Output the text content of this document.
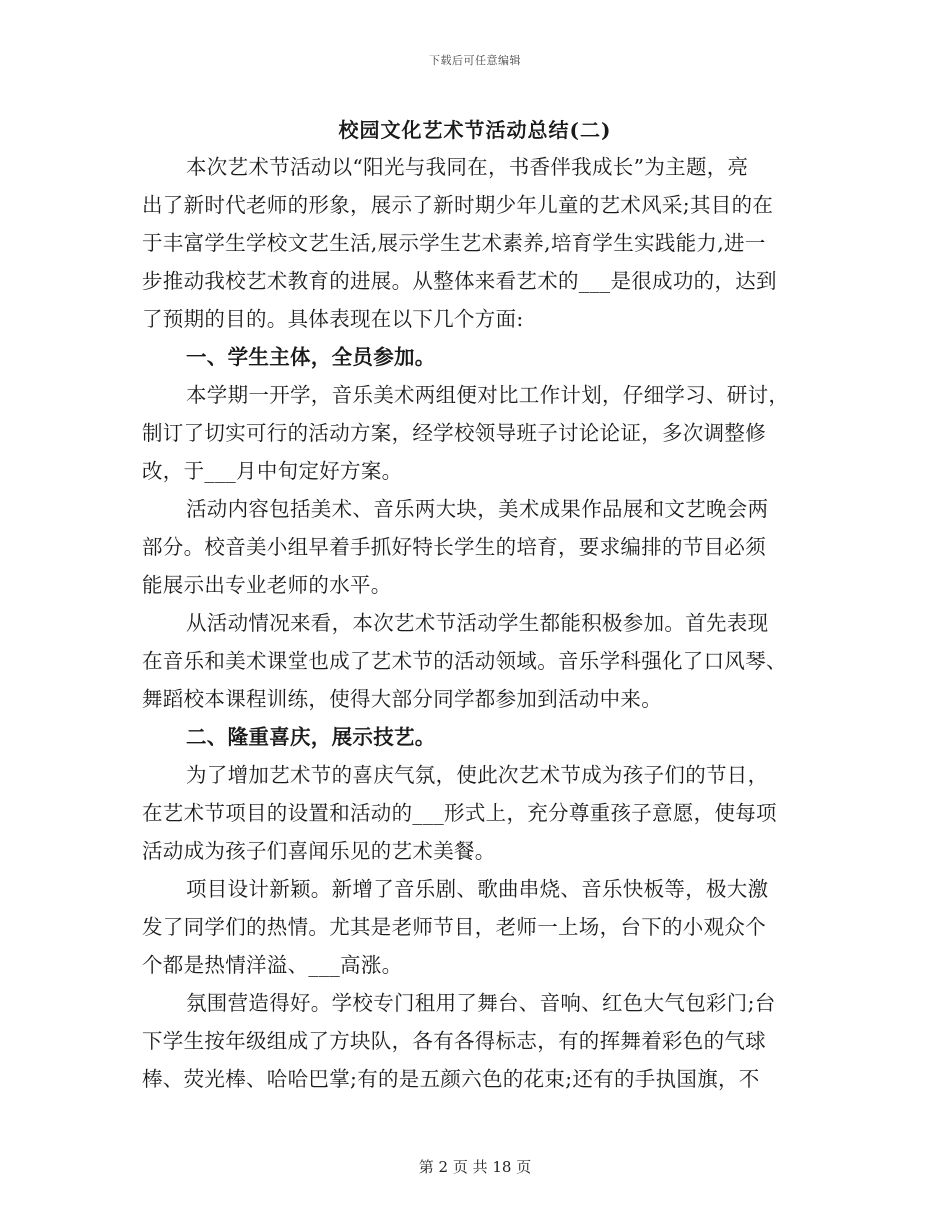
下载后可任意编辑
校园文化艺术节活动总结(二)
本次艺术节活动以“阳光与我同在，书香伴我成长”为主题，亮
出了新时代老师的形象，展示了新时期少年儿童的艺术风采;其目的在
于丰富学生学校文艺生活,展示学生艺术素养,培育学生实践能力,进一
步推动我校艺术教育的进展。从整体来看艺术的___是很成功的，达到
了预期的目的。具体表现在以下几个方面:
一、学生主体，全员参加。
本学期一开学，音乐美术两组便对比工作计划，仔细学习、研讨，
制订了切实可行的活动方案，经学校领导班子讨论论证，多次调整修
改，于___月中旬定好方案。
活动内容包括美术、音乐两大块，美术成果作品展和文艺晚会两
部分。校音美小组早着手抓好特长学生的培育，要求编排的节目必须
能展示出专业老师的水平。
从活动情况来看，本次艺术节活动学生都能积极参加。首先表现
在音乐和美术课堂也成了艺术节的活动领域。音乐学科强化了口风琴、
舞蹈校本课程训练，使得大部分同学都参加到活动中来。
二、隆重喜庆，展示技艺。
为了增加艺术节的喜庆气氛，使此次艺术节成为孩子们的节日，
在艺术节项目的设置和活动的___形式上，充分尊重孩子意愿，使每项
活动成为孩子们喜闻乐见的艺术美餐。
项目设计新颖。新增了音乐剧、歌曲串烧、音乐快板等，极大激
发了同学们的热情。尤其是老师节目，老师一上场，台下的小观众个
个都是热情洋溢、___高涨。
氛围营造得好。学校专门租用了舞台、音响、红色大气包彩门;台
下学生按年级组成了方块队，各有各得标志，有的挥舞着彩色的气球
棒、荧光棒、哈哈巴掌;有的是五颜六色的花束;还有的手执国旗，不
第 2 页 共 18 页
